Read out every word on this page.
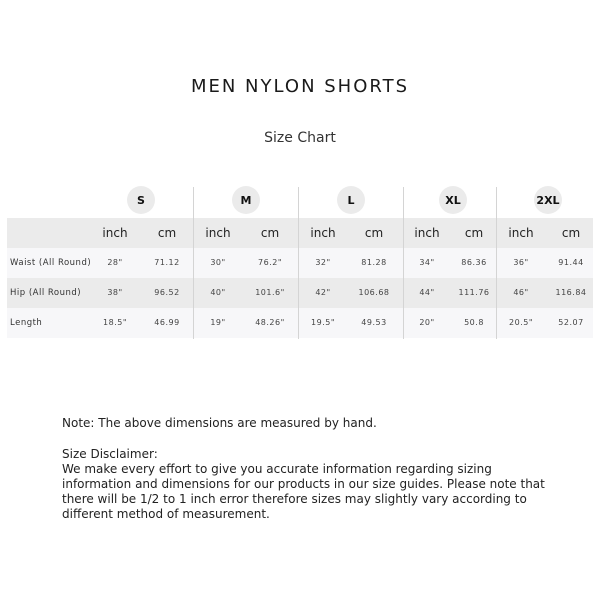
MEN NYLON SHORTS
Size Chart
S	M	L	XL	2XL
inch	cm	inch	cm	inch	cm	inch	cm	inch	cm
Waist (All Round)	28"	71.12	30"	76.2"	32"	81.28	34"	86.36	36"	91.44
Hip (All Round)	38"	96.52	40"	101.6"	42"	106.68	44"	111.76	46"	116.84
Length	18.5"	46.99	19"	48.26"	19.5"	49.53	20"	50.8	20.5"	52.07

Note: The above dimensions are measured by hand.

Size Disclaimer:

We make every effort to give you accurate information regarding sizing

information and dimensions for our products in our size guides. Please note that

there will be 1/2 to 1 inch error therefore sizes may slightly vary according to

different method of measurement.
